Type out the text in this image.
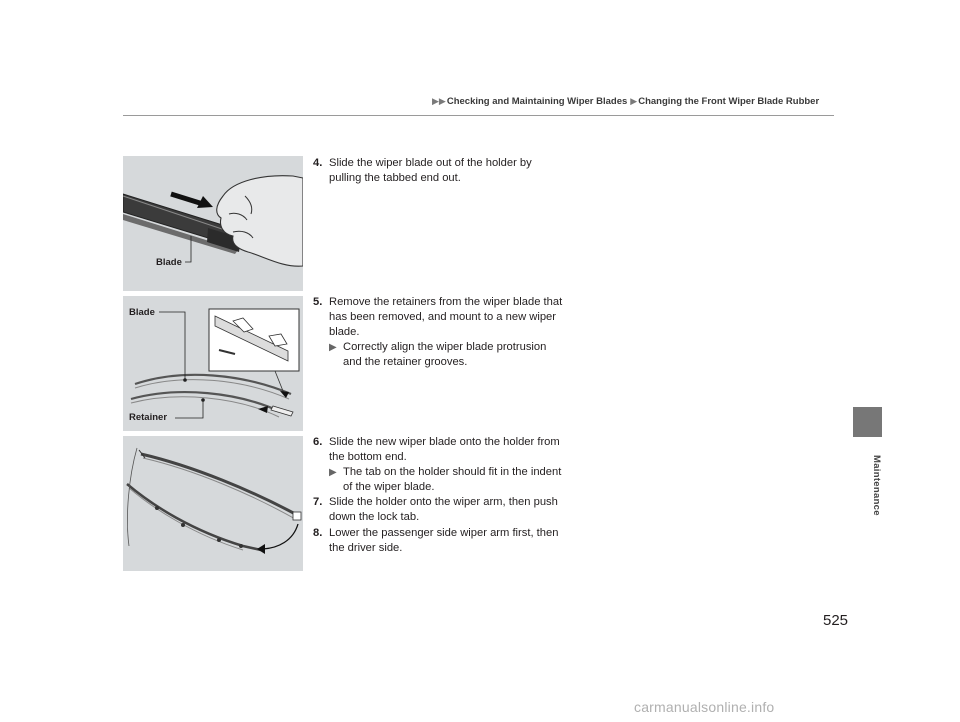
▶▶ Checking and Maintaining Wiper Blades ▶ Changing the Front Wiper Blade Rubber
Maintenance
Blade
Blade
Retainer
4. Slide the wiper blade out of the holder by pulling the tabbed end out.
5. Remove the retainers from the wiper blade that has been removed, and mount to a new wiper blade.
▶ Correctly align the wiper blade protrusion and the retainer grooves.
6. Slide the new wiper blade onto the holder from the bottom end.
▶ The tab on the holder should fit in the indent of the wiper blade.
7. Slide the holder onto the wiper arm, then push down the lock tab.
8. Lower the passenger side wiper arm first, then the driver side.
525
carmanualsonline.info
